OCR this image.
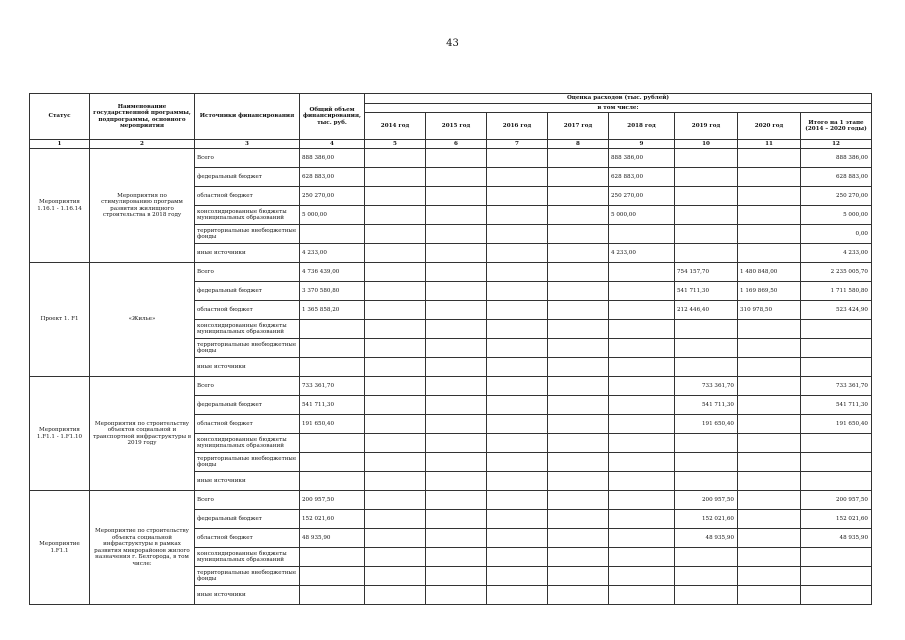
43
Статус	Наименование государственной программы, подпрограммы, основного мероприятия	Источники финансирования	Общий объем финансирования, тыс. руб.	Оценка расходов (тыс. рублей)							
				в том числе:							
				2014 год	2015 год	2016 год	2017 год	2018 год	2019 год	2020 год	Итого на 1 этапе (2014 – 2020 годы)
1	2	3	4	5	6	7	8	9	10	11	12
Мероприятия 1.16.1 - 1.16.14	Мероприятия по стимулированию программ развития жилищного строительства в 2018 году	Всего	888 386,00					888 386,00			888 386,00
		федеральный бюджет	628 883,00					628 883,00			628 883,00
		областной бюджет	250 270,00					250 270,00			250 270,00
		консолидированные бюджеты муниципальных образований	5 000,00					5 000,00			5 000,00
		территориальные внебюджетные фонды									0,00
		иные источники	4 233,00					4 233,00			4 233,00
Проект 1. F1	«Жилье»	Всего	4 736 439,00						754 157,70	1 480 848,00	2 235 005,70
		федеральный бюджет	3 370 580,80						541 711,30	1 169 869,50	1 711 580,80
		областной бюджет	1 365 858,20						212 446,40	310 978,50	523 424,90
		консолидированные бюджеты муниципальных образований									
		территориальные внебюджетные фонды									
		иные источники									
Мероприятия 1.F1.1 - 1.F1.10	Мероприятия по строительству объектов социальной и транспортной инфраструктуры в 2019 году	Всего	733 361,70						733 361,70		733 361,70
		федеральный бюджет	541 711,30						541 711,30		541 711,30
		областной бюджет	191 650,40						191 650,40		191 650,40
		консолидированные бюджеты муниципальных образований									
		территориальные внебюджетные фонды									
		иные источники									
Мероприятие 1.F1.1	Мероприятие по строительству объекта социальной инфраструктуры в рамках развития микрорайонов жилого назначения г. Белгорода, в том числе:	Всего	200 957,50						200 957,50		200 957,50
		федеральный бюджет	152 021,60						152 021,60		152 021,60
		областной бюджет	48 935,90						48 935,90		48 935,90
		консолидированные бюджеты муниципальных образований									
		территориальные внебюджетные фонды									
		иные источники									
